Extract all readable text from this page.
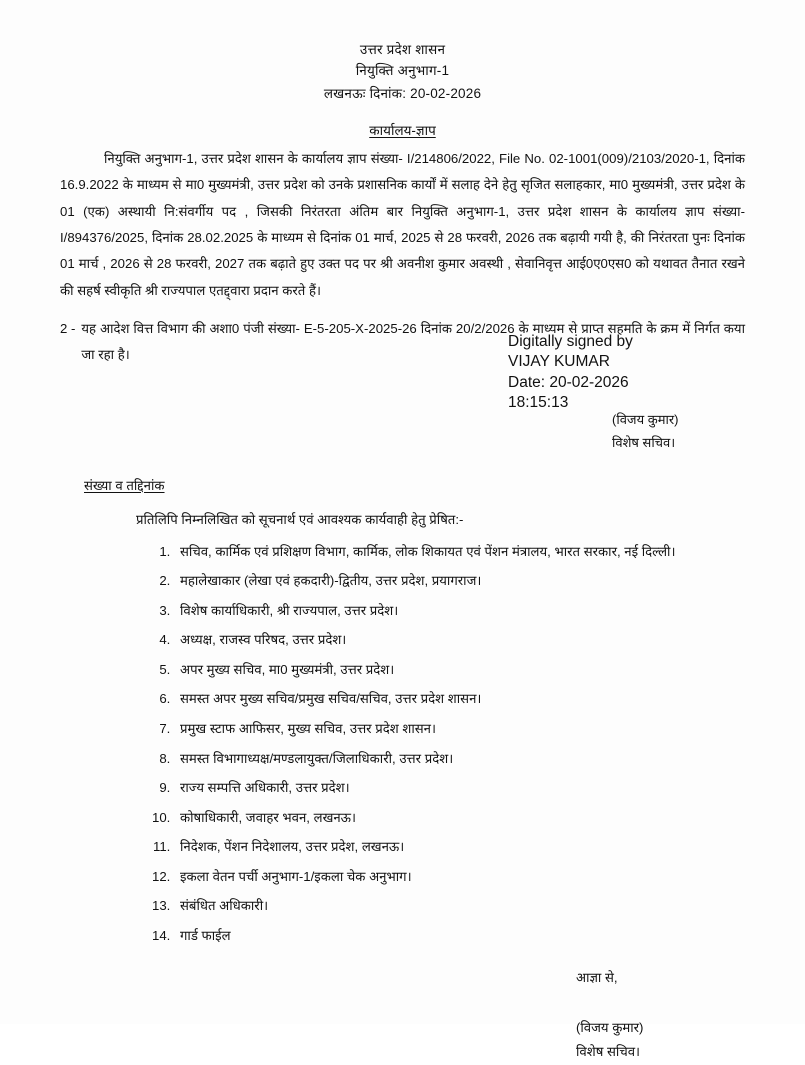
उत्तर प्रदेश शासन
नियुक्ति अनुभाग-1
लखनऊः दिनांक: 20-02-2026
कार्यालय-ज्ञाप

नियुक्ति अनुभाग-1, उत्तर प्रदेश शासन के कार्यालय ज्ञाप संख्या- I/214806/2022, File No. 02-1001(009)/2103/2020-1, दिनांक 16.9.2022 के माध्यम से मा0 मुख्यमंत्री, उत्तर प्रदेश को उनके प्रशासनिक कार्यों में सलाह देने हेतु सृजित सलाहकार, मा0 मुख्यमंत्री, उत्तर प्रदेश के 01 (एक) अस्थायी नि:संवर्गीय पद , जिसकी निरंतरता अंतिम बार नियुक्ति अनुभाग-1, उत्तर प्रदेश शासन के कार्यालय ज्ञाप संख्या- I/894376/2025, दिनांक 28.02.2025 के माध्यम से दिनांक 01 मार्च, 2025 से 28 फरवरी, 2026 तक बढ़ायी गयी है, की निरंतरता पुनः दिनांक 01 मार्च , 2026 से 28 फरवरी, 2027 तक बढ़ाते हुए उक्त पद पर श्री अवनीश कुमार अवस्थी , सेवानिवृत्त आई0ए0एस0 को यथावत तैनात रखने की सहर्ष स्वीकृति श्री राज्यपाल एतद्द्वारा प्रदान करते हैं।

2 - यह आदेश वित्त विभाग की अशा0 पंजी संख्या- E-5-205-X-2025-26 दिनांक 20/2/2026 के माध्यम से प्राप्त सहमति के क्रम में निर्गत कया जा रहा है।
Digitally signed by
VIJAY KUMAR
Date: 20-02-2026
18:15:13
(विजय कुमार)
विशेष सचिव।
संख्या व तद्दिनांक
प्रतिलिपि निम्नलिखित को सूचनार्थ एवं आवश्यक कार्यवाही हेतु प्रेषित:-
1. सचिव, कार्मिक एवं प्रशिक्षण विभाग, कार्मिक, लोक शिकायत एवं पेंशन मंत्रालय, भारत सरकार, नई दिल्ली।
2. महालेखाकार (लेखा एवं हकदारी)-द्वितीय, उत्तर प्रदेश, प्रयागराज।
3. विशेष कार्याधिकारी, श्री राज्यपाल, उत्तर प्रदेश।
4. अध्यक्ष, राजस्व परिषद, उत्तर प्रदेश।
5. अपर मुख्य सचिव, मा0 मुख्यमंत्री, उत्तर प्रदेश।
6. समस्त अपर मुख्य सचिव/प्रमुख सचिव/सचिव, उत्तर प्रदेश शासन।
7. प्रमुख स्टाफ आफिसर, मुख्य सचिव, उत्तर प्रदेश शासन।
8. समस्त विभागाध्यक्ष/मण्डलायुक्त/जिलाधिकारी, उत्तर प्रदेश।
9. राज्य सम्पत्ति अधिकारी, उत्तर प्रदेश।
10. कोषाधिकारी, जवाहर भवन, लखनऊ।
11. निदेशक, पेंशन निदेशालय, उत्तर प्रदेश, लखनऊ।
12. इकला वेतन पर्ची अनुभाग-1/इकला चेक अनुभाग।
13. संबंधित अधिकारी।
14. गार्ड फाईल
आज्ञा से,
(विजय कुमार)
विशेष सचिव।
